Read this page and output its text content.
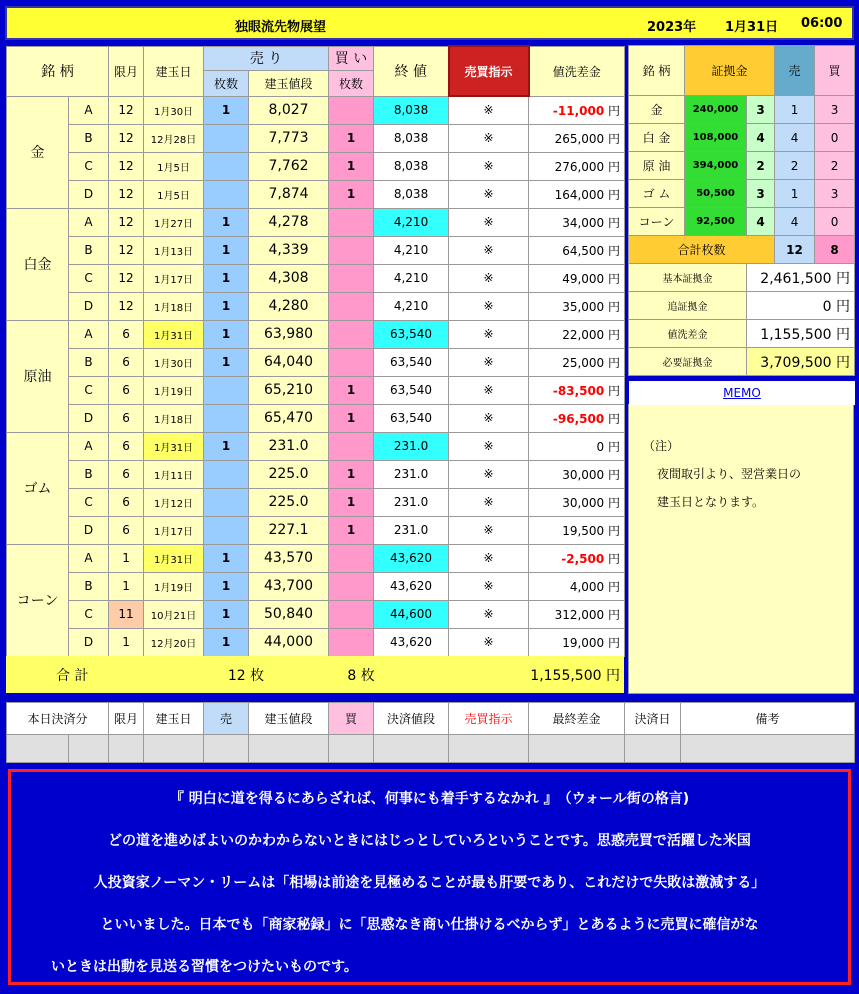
独眼流先物展望	2023年 1月31日 06:00
銘 柄		限月	建玉日	売 り		買 い	終 値	売買指示	値洗差金
				枚数	建玉値段	枚数			
金	A	12	1月30日	1	8,027		8,038	※	-11,000 円
	B	12	12月28日		7,773	1	8,038	※	265,000 円
	C	12	1月5日		7,762	1	8,038	※	276,000 円
	D	12	1月5日		7,874	1	8,038	※	164,000 円
白金	A	12	1月27日	1	4,278		4,210	※	34,000 円
	B	12	1月13日	1	4,339		4,210	※	64,500 円
	C	12	1月17日	1	4,308		4,210	※	49,000 円
	D	12	1月18日	1	4,280		4,210	※	35,000 円
原油	A	6	1月31日	1	63,980		63,540	※	22,000 円
	B	6	1月30日	1	64,040		63,540	※	25,000 円
	C	6	1月19日		65,210	1	63,540	※	-83,500 円
	D	6	1月18日		65,470	1	63,540	※	-96,500 円
ゴム	A	6	1月31日	1	231.0		231.0	※	0 円
	B	6	1月11日		225.0	1	231.0	※	30,000 円
	C	6	1月12日		225.0	1	231.0	※	30,000 円
	D	6	1月17日		227.1	1	231.0	※	19,500 円
コーン	A	1	1月31日	1	43,570		43,620	※	-2,500 円
	B	1	1月19日	1	43,700		43,620	※	4,000 円
	C	11	10月21日	1	50,840		44,600	※	312,000 円
	D	1	12月20日	1	44,000		43,620	※	19,000 円
合 計	12 枚	8 枚	1,155,500 円
銘 柄	証拠金		売	買
金	240,000	3	1	3
白 金	108,000	4	4	0
原 油	394,000	2	2	2
ゴ ム	50,500	3	1	3
コーン	92,500	4	4	0
合計枚数			12	8
基本証拠金		2,461,500 円		
追証拠金		0 円		
値洗差金		1,155,500 円		
必要証拠金		3,709,500 円		
MEMO
（注）
夜間取引より、翌営業日の
建玉日となります。
本日決済分		限月	建玉日	売	建玉値段	買	決済値段	売買指示	最終差金	決済日	備考

『 明白に道を得るにあらざれば、何事にも着手するなかれ 』　（ウォール街の格言)
どの道を進めばよいのかわからないときにはじっとしていろということです。思惑売買で活躍した米国
人投資家ノーマン・リームは「相場は前途を見極めることが最も肝要であり、これだけで失敗は激減する」
といいました。日本でも「商家秘録」に「思惑なき商い仕掛けるべからず」とあるように売買に確信がな
いときは出動を見送る習慣をつけたいものです。
